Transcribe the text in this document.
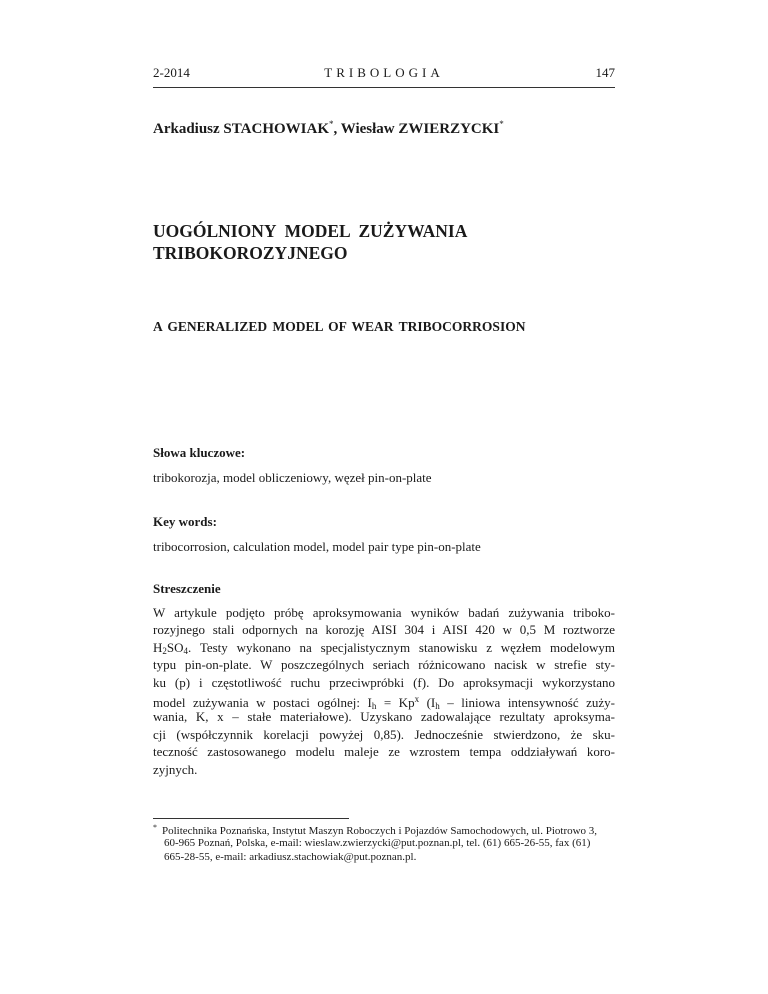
2-2014	TRIBOLOGIA	147
Arkadiusz STACHOWIAK*, Wiesław ZWIERZYCKI*
UOGÓLNIONY  MODEL  ZUŻYWANIA
TRIBOKOROZYJNEGO
A GENERALIZED MODEL OF WEAR TRIBOCORROSION
Słowa kluczowe:
tribokorozja, model obliczeniowy, węzeł pin-on-plate
Key words:
tribocorrosion, calculation model, model pair type pin-on-plate
Streszczenie
W artykule podjęto próbę aproksymowania wyników badań zużywania triboko-
rozyjnego stali odpornych na korozję AISI 304 i AISI 420 w 0,5 M roztworze
$H_2SO_4$. Testy wykonano na specjalistycznym stanowisku z węzłem modelowym
typu pin-on-plate. W poszczególnych seriach różnicowano nacisk w strefie sty-
ku (p) i częstotliwość ruchu przeciwpróbki (f). Do aproksymacji wykorzystano
model zużywania w postaci ogólnej: $I_h = Kp^x$ ($I_h$ – liniowa intensywność zuży-
wania, K, x – stałe materiałowe). Uzyskano zadowalające rezultaty aproksyma-
cji (współczynnik korelacji powyżej 0,85). Jednocześnie stwierdzono, że sku-
teczność zastosowanego modelu maleje ze wzrostem tempa oddziaływań koro-
zyjnych.
* Politechnika Poznańska, Instytut Maszyn Roboczych i Pojazdów Samochodowych, ul. Piotrowo 3,
60-965 Poznań, Polska, e-mail: wieslaw.zwierzycki@put.poznan.pl, tel. (61) 665-26-55, fax (61)
665-28-55, e-mail: arkadiusz.stachowiak@put.poznan.pl.
